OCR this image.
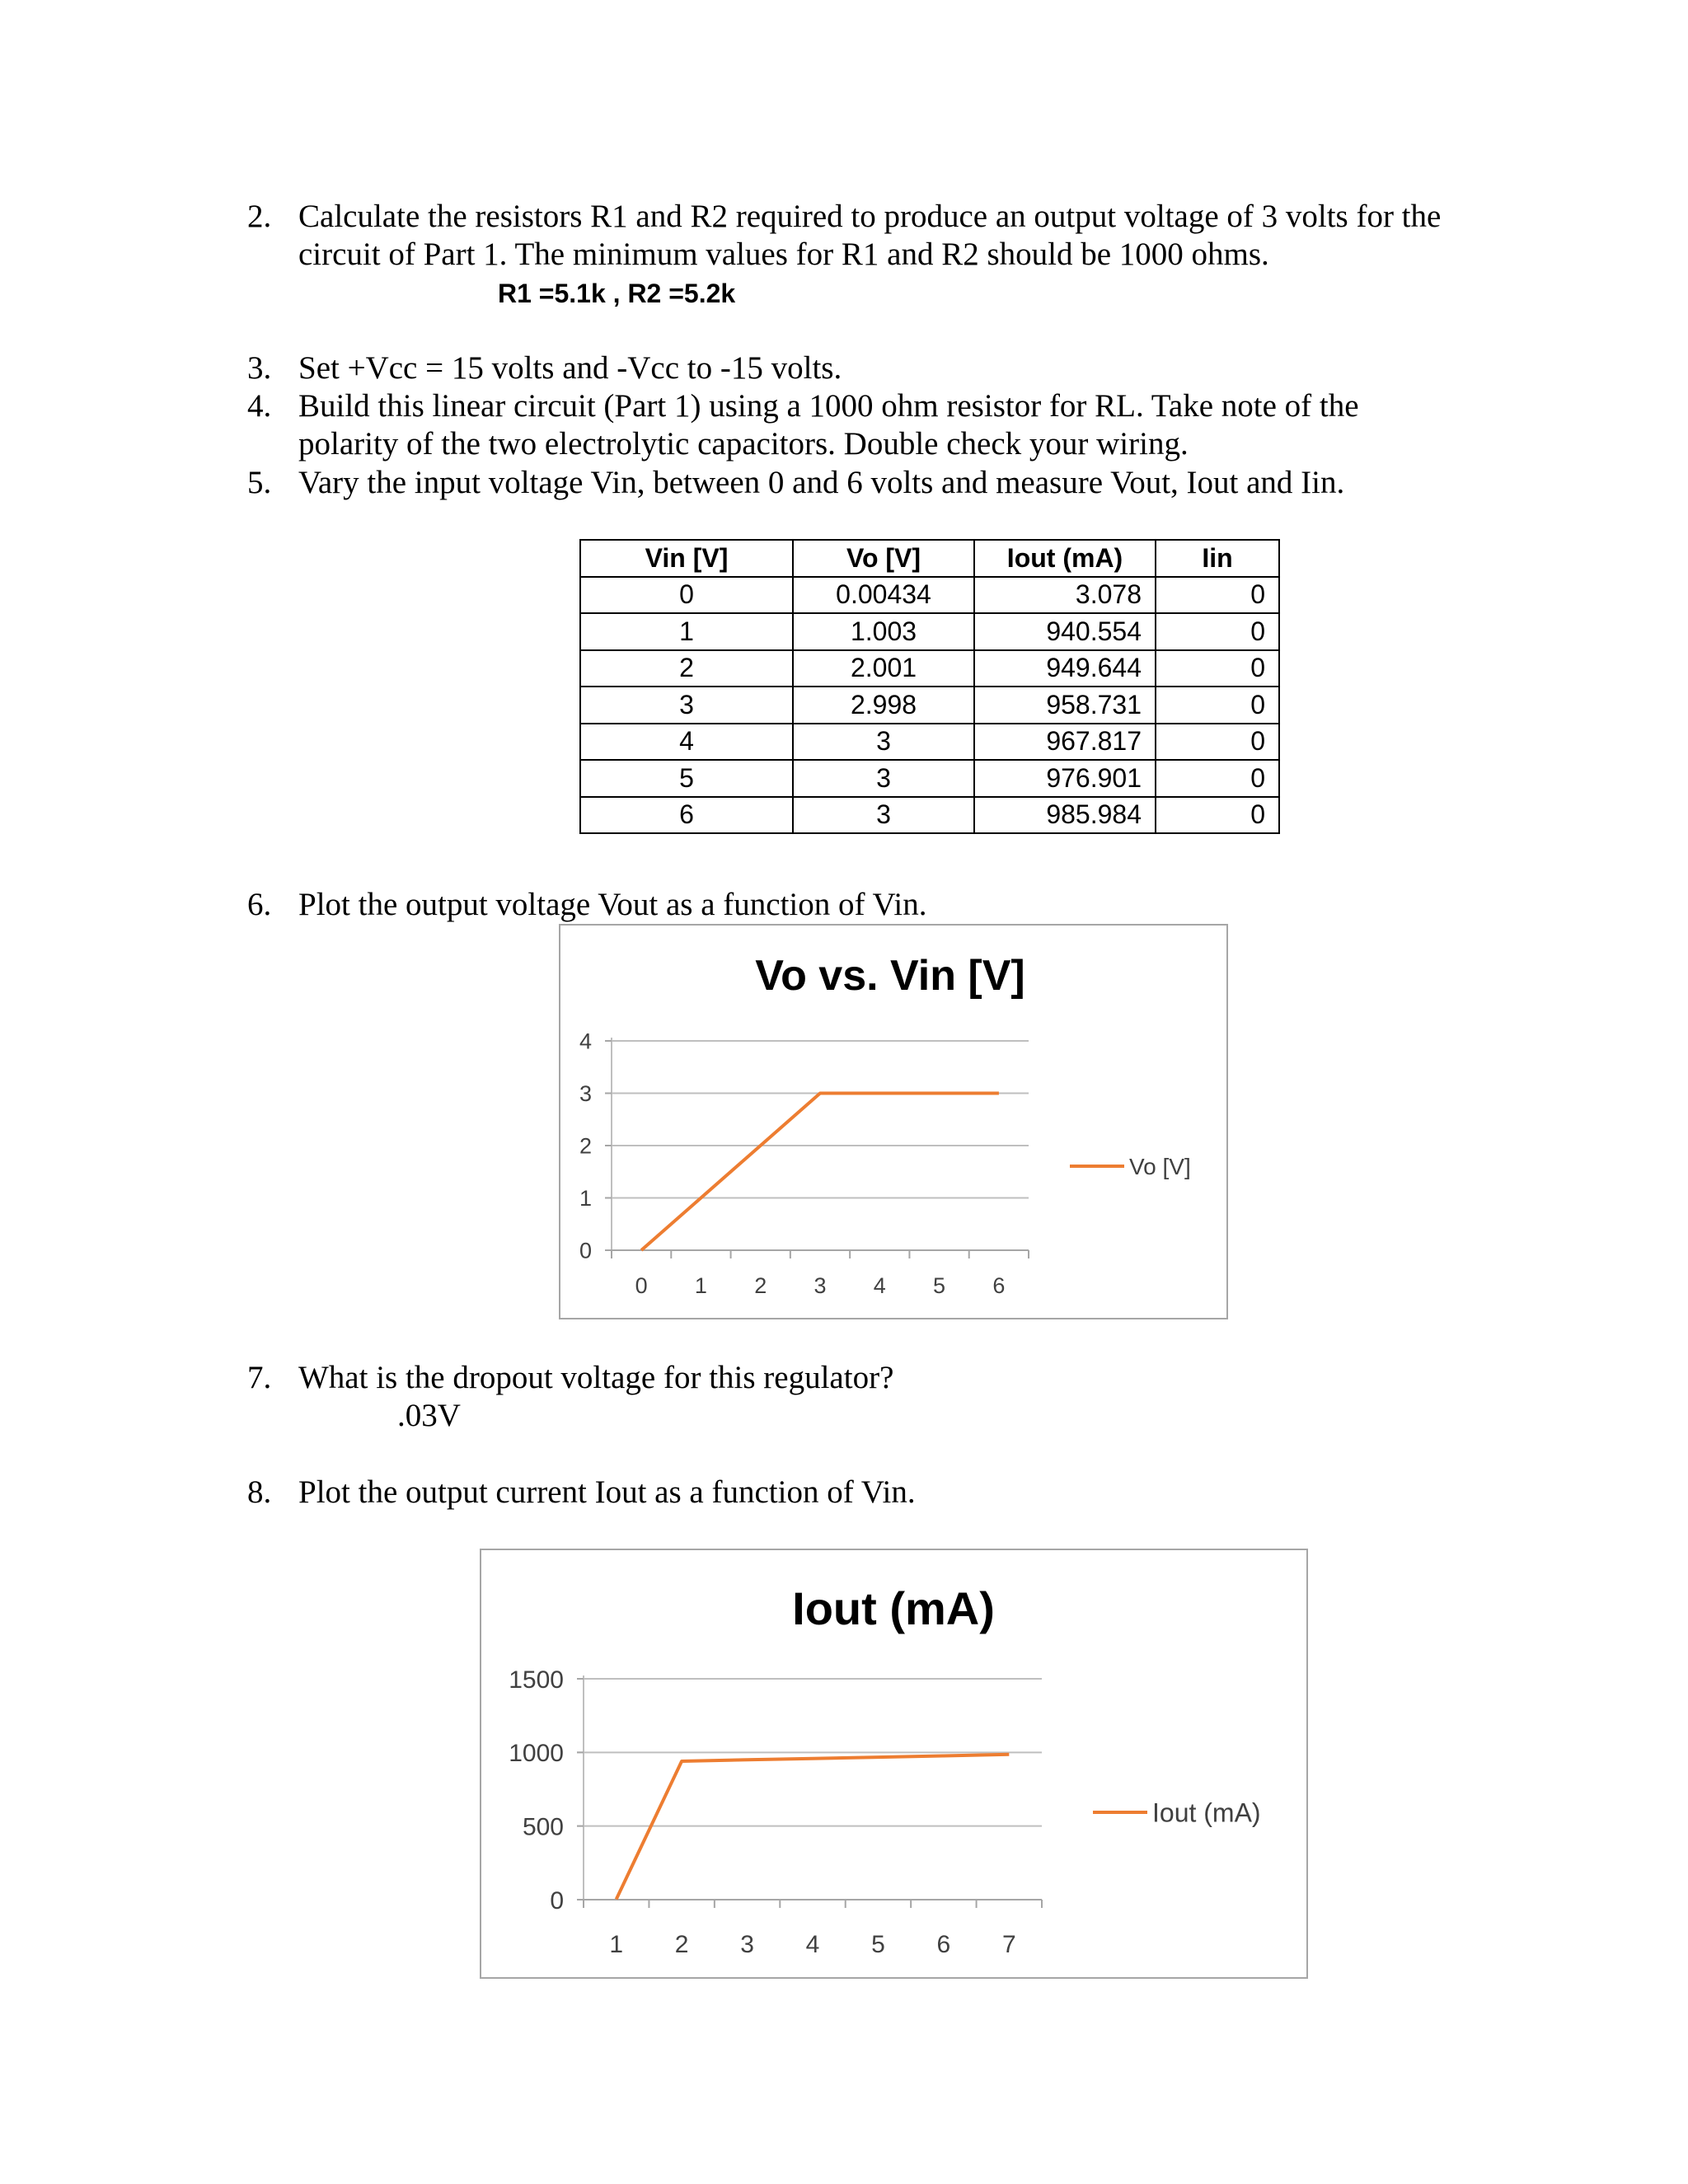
2. Calculate the resistors R1 and R2 required to produce an output voltage of 3 volts for the
circuit of Part 1. The minimum values for R1 and R2 should be 1000 ohms.
R1 =5.1k , R2 =5.2k
3. Set +Vcc = 15 volts and -Vcc to -15 volts.
4. Build this linear circuit (Part 1) using a 1000 ohm resistor for RL. Take note of the
polarity of the two electrolytic capacitors. Double check your wiring.
5. Vary the input voltage Vin, between 0 and 6 volts and measure Vout, Iout and Iin.
Vin [V]	Vo [V]	Iout (mA)	Iin
0	0.00434	3.078	0
1	1.003	940.554	0
2	2.001	949.644	0
3	2.998	958.731	0
4	3	967.817	0
5	3	976.901	0
6	3	985.984	0
6. Plot the output voltage Vout as a function of Vin.
Vo vs. Vin [V]
0
1
2
3
4
0 1 2 3 4 5 6
Vo [V]
7. What is the dropout voltage for this regulator?
.03V
8. Plot the output current Iout as a function of Vin.
Iout (mA)
0
500
1000
1500
1 2 3 4 5 6 7
Iout (mA)
